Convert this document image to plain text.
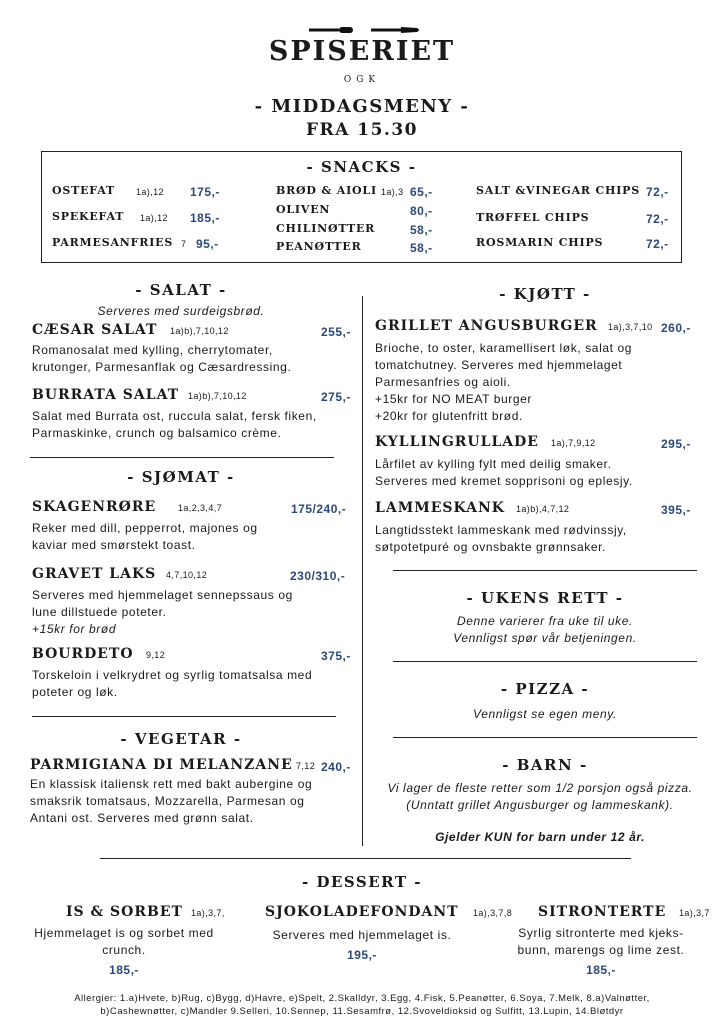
SPISERIET
OGK
- MIDDAGSMENY -
FRA 15.30
- SNACKS -
OSTEFAT 1a),12 175,-
SPEKEFAT 1a),12 185,-
PARMESANFRIES 7 95,-
BRØD & AIOLI 1a),3 65,-
OLIVEN	80,-
CHILINØTTER	58,-
PEANØTTER	58,-
SALT &VINEGAR CHIPS 72,-
TRØFFEL CHIPS	72,-
ROSMARIN CHIPS	72,-
- SALAT -
Serveres med surdeigsbrød.
CÆSAR SALAT 1a)b),7,10,12	255,-
Romanosalat med kylling, cherrytomater,
krutonger, Parmesanflak og Cæsardressing.
BURRATA SALAT 1a)b),7,10,12	275,-
Salat med Burrata ost, ruccula salat, fersk fiken,
Parmaskinke, crunch og balsamico crème.
- SJØMAT -
SKAGENRØRE 1a,2,3,4,7	175/240,-
Reker med dill, pepperrot, majones og
kaviar med smørstekt toast.
GRAVET LAKS 4,7,10,12	230/310,-
Serveres med hjemmelaget sennepssaus og
lune dillstuede poteter.
+15kr for brød
BOURDETO 9,12	375,-
Torskeloin i velkrydret og syrlig tomatsalsa med
poteter og løk.
- VEGETAR -
PARMIGIANA DI MELANZANE 7,12 240,-
En klassisk italiensk rett med bakt aubergine og
smaksrik tomatsaus, Mozzarella, Parmesan og
Antani ost. Serveres med grønn salat.
- KJØTT -
GRILLET ANGUSBURGER 1a),3,7,10 260,-
Brioche, to oster, karamellisert løk, salat og
tomatchutney. Serveres med hjemmelaget
Parmesanfries og aioli.
+15kr for NO MEAT burger
+20kr for glutenfritt brød.
KYLLINGRULLADE 1a),7,9,12	295,-
Lårfilet av kylling fylt med deilig smaker.
Serveres med kremet sopprisoni og eplesjy.
LAMMESKANK 1a)b),4,7,12	395,-
Langtidsstekt lammeskank med rødvinssjy,
søtpotetpuré og ovnsbakte grønnsaker.
- UKENS RETT -
Denne varierer fra uke til uke.
Vennligst spør vår betjeningen.
- PIZZA -
Vennligst se egen meny.
- BARN -
Vi lager de fleste retter som 1/2 porsjon også pizza.
(Unntatt grillet Angusburger og lammeskank).
Gjelder KUN for barn under 12 år.
- DESSERT -
IS & SORBET 1a),3,7,
Hjemmelaget is og sorbet med
crunch.
185,-
SJOKOLADEFONDANT 1a),3,7,8
Serveres med hjemmelaget is.
195,-
SITRONTERTE 1a),3,7
Syrlig sitronterte med kjeks-
bunn, marengs og lime zest.
185,-
Allergier: 1.a)Hvete, b)Rug, c)Bygg, d)Havre, e)Spelt, 2.Skalldyr, 3.Egg, 4.Fisk, 5.Peanøtter, 6.Soya, 7.Melk, 8.a)Valnøtter,
b)Cashewnøtter, c)Mandler 9.Selleri, 10.Sennep, 11.Sesamfrø, 12.Svoveldioksid og Sulfitt, 13.Lupin, 14.Bløtdyr
